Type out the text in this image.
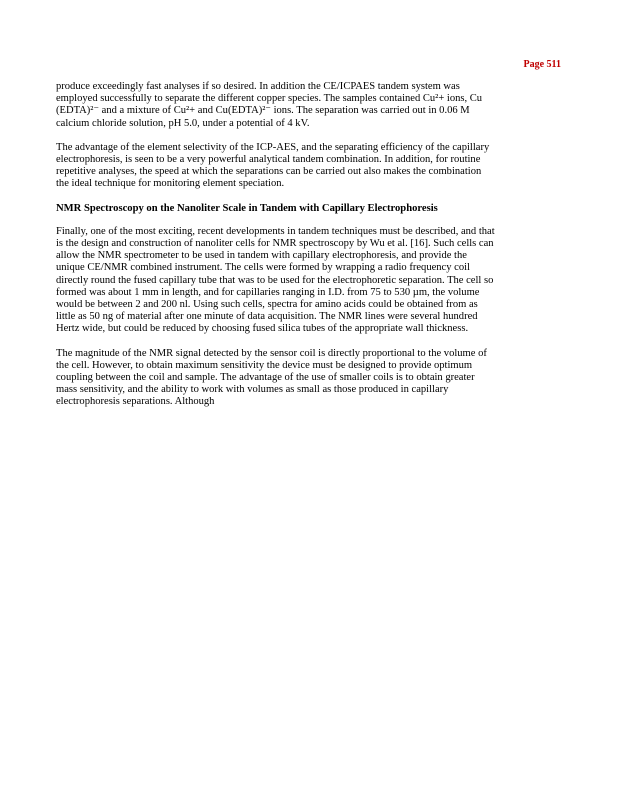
Page 511

produce exceedingly fast analyses if so desired. In addition the CE/ICPAES tandem system was
employed successfully to separate the different copper species. The samples contained Cu²+ ions, Cu
(EDTA)²⁻ and a mixture of Cu²+ and Cu(EDTA)²⁻ ions. The separation was carried out in 0.06 M
calcium chloride solution, pH 5.0, under a potential of 4 kV.

The advantage of the element selectivity of the ICP-AES, and the separating efficiency of the capillary
electrophoresis, is seen to be a very powerful analytical tandem combination. In addition, for routine
repetitive analyses, the speed at which the separations can be carried out also makes the combination
the ideal technique for monitoring element speciation.

NMR Spectroscopy on the Nanoliter Scale in Tandem with Capillary Electrophoresis

Finally, one of the most exciting, recent developments in tandem techniques must be described, and that
is the design and construction of nanoliter cells for NMR spectroscopy by Wu et al. [16]. Such cells can
allow the NMR spectrometer to be used in tandem with capillary electrophoresis, and provide the
unique CE/NMR combined instrument. The cells were formed by wrapping a radio frequency coil
directly round the fused capillary tube that was to be used for the electrophoretic separation. The cell so
formed was about 1 mm in length, and for capillaries ranging in I.D. from 75 to 530 µm, the volume
would be between 2 and 200 nl. Using such cells, spectra for amino acids could be obtained from as
little as 50 ng of material after one minute of data acquisition. The NMR lines were several hundred
Hertz wide, but could be reduced by choosing fused silica tubes of the appropriate wall thickness.

The magnitude of the NMR signal detected by the sensor coil is directly proportional to the volume of
the cell. However, to obtain maximum sensitivity the device must be designed to provide optimum
coupling between the coil and sample. The advantage of the use of smaller coils is to obtain greater
mass sensitivity, and the ability to work with volumes as small as those produced in capillary
electrophoresis separations. Although
